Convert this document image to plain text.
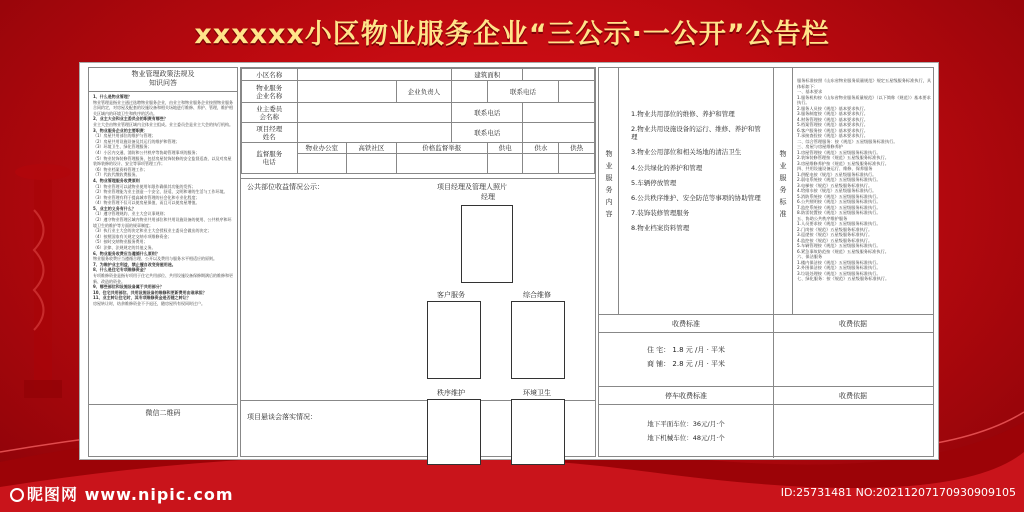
xxxxxx小区物业服务企业“三公示·一公开”公告栏
物业管理政策法规及
知识问答

1、什么是物业管理？

物业管理是指业主通过选聘物业服务企业，由业主和物业服务企业按照物业服务合同约定，对房屋及配套的设施设备和相关场地进行维修、养护、管理，维护相关区域内的环境卫生和秩序的活动。

2、业主大会和业主委员会的职责有哪些？

业主大会由物业管理区域内全体业主组成。业主委员会是业主大会的执行机构。

3、物业服务企业的主要职责：

（1）房屋共用部位的维护与管理；

（2）房屋共用设施设备及其运行的维护和管理；

（3）环境卫生、绿化管理服务；

（4）小区内交通、消防和公共秩序等协助管理事项的服务；

（5）物业装饰装修管理服务，包括房屋装饰装修的安全监督巡查，以及对房屋装饰装修的设计、安全等事项管理工作；

（6）物业档案资料管理工作；

（7）代收代缴收费服务。

4、物业管理服务收费原则

（1）物业管理可以就物业使用年限作确保其功能的发挥；

（2）物业管理能为业主创造一个安全、舒适、文明和谐的生活与工作环境。

（3）物业管理有利于提高城市管理的社会化和专业化程度；

（4）物业管理不仅可以使房屋保值，而且可以使房屋增值。

5、业主的义务有什么？

（1）遵守管理规约、业主大会议事规则；

（2）遵守物业管理区域内物业共用部位和共用设施设备的使用、公共秩序和环境卫生的维护等方面的规章制度；

（3）执行业主大会的决定和业主大会授权业主委员会做出的决定；

（4）按照国家有关规定交纳专项维修资金；

（5）按时交纳物业服务费用；

（6）法律、法规规定的其他义务。

6、物业服务收费应当遵循什么原则？

物业服务收费应当遵循合理、公开以及费用与服务水平相适应的原则。

7、为维护业主利益，禁止擅自改变房屋用途。

8、什么是住宅专项维修资金？

专项维修资金是指专项用于住宅共用部位、共用设施设备保修期满后的维修和更新、改造的资金。

9、哪些部位和设施设备属于共用部分？

10、住宅共用部位、共用设施设备的维修和更新费用由谁承担？

11、业主转让住宅时，其专项维修资金是否随之转让？

房屋转让时，结余维修资金不予退还，随房屋所有权同时过户。

微信二维码
小区名称				建筑面积			
物业服务
企业名称			企业负责人		联系电话		
业主委员
会名称				联系电话			
项目经理
姓名				联系电话			
监督服务
电话	物业办公室	高铁社区	价格监督举报		供电	供水	供热

公共部位收益情况公示：	项目经理及管理人照片
经理
客户服务	综合维修
项目悬谈会落实情况：
秩序维护	环境卫生
物
业
服
务
内
容
1.物业共用部位的维修、养护和管理
2.物业共用设施设备的运行、维修、养护和管理
3.物业公用部位和相关场地的清洁卫生
4.公共绿化的养护和管理
5.车辆停放管理
6.公共秩序维护、安全防范等事项的协助管理
7.装饰装修管理服务
8.物业档案资料管理
物
业
服
务
标
准
服务标准按照《山东省物业服务质量规范》规定五星级服务标准执行，具体标如下：
一、基本要求
1.服务机构按《山东省物业服务质量规范》（以下简称《规范》）基本要求执行。
2.服务人员按《规范》基本要求执行。
3.服务制度按《规范》基本要求执行。
4.财务管理按《规范》基本要求执行。
5.档案管理按《规范》基本要求执行。
6.客户服务按《规范》基本要求执行。
7.承接查验按《规范》基本要求执行。
二、综合管理服务：按《规范》五星级服务标准执行。
三、房屋与房屋维修养护
1.房屋管理按《规范》五星级服务标准执行。
2.装饰装修管理按《规范》五星级服务标准执行。
3.房屋维修养护按《规范》五星级服务标准执行。
四、共用设施设备运行、维修、保养服务
1.供配电按《规范》五星级服务标准执行。
2.弱电系统按《规范》五星级服务标准执行。
3.电梯按《规范》五星级服务标准执行。
4.给排水按《规范》五星级服务标准执行。
5.消防系统按《规范》五星级服务标准执行。
6.公共照明按《规范》五星级服务标准执行。
7.监控系统按《规范》五星级服务标准执行。
8.防雷装置按《规范》五星级服务标准执行。
五、协助公共秩序维护服务
1.人员要求按《规范》五星级服务标准执行。
2.门岗按《规范》五星级服务标准执行。
3.巡逻按《规范》五星级服务标准执行。
4.监控按《规范》五星级服务标准执行。
5.车辆管理按《规范》五星级服务标准执行。
6.紧急事故防范按《规范》五星级服务标准执行。
六、保洁服务
1.楼内保洁按《规范》五星级服务标准执行。
2.外围保洁按《规范》五星级服务标准执行。
3.垃圾处理按《规范》五星级服务标准执行。
七、绿化服务：按《规范》五星级服务标准执行。
收费标准	收费依据
住 宅： 1.8 元 /月 · 平米
商 铺： 2.8 元 /月 · 平米
停车收费标准	收费依据
地下平面车位：36元/月·个
地下机械车位：48元/月·个
昵图网 www.nipic.com	ID:25731481 NO:20211207170930909105
